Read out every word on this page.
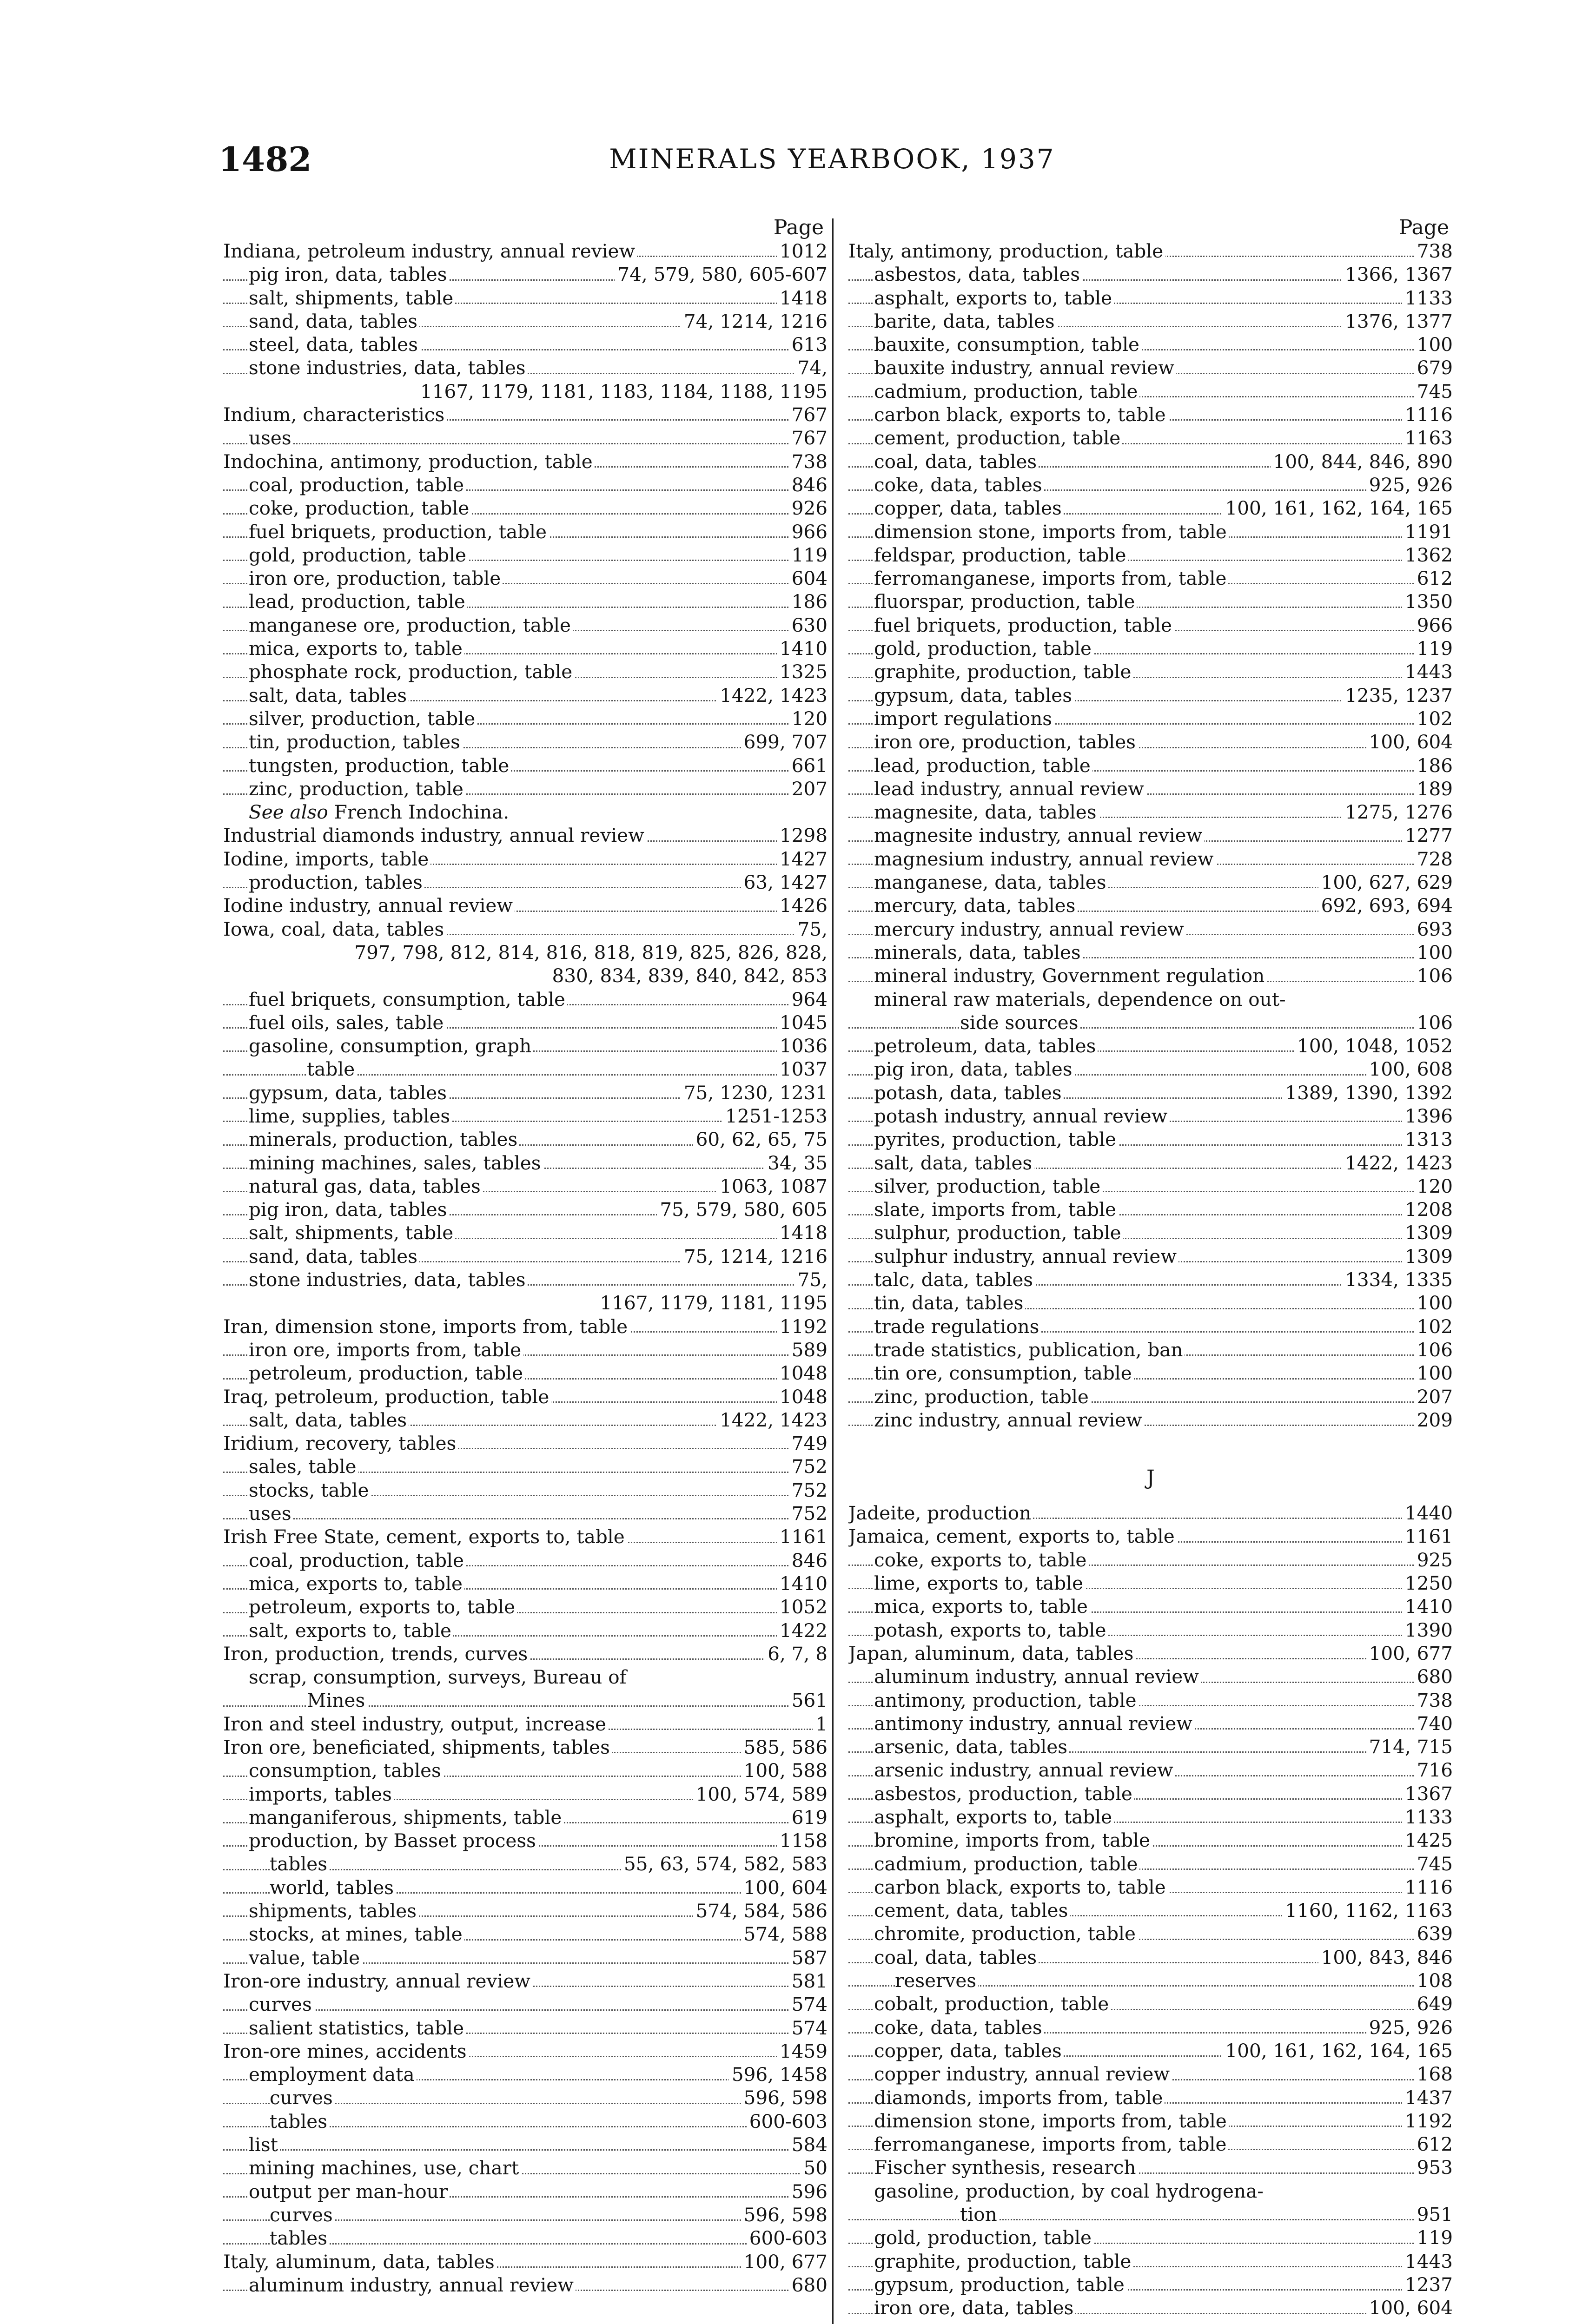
1482	MINERALS YEARBOOK, 1937
Page
Indiana, petroleum industry, annual review	1012
pig iron, data, tables	74, 579, 580, 605-607
salt, shipments, table	1418
sand, data, tables	74, 1214, 1216
steel, data, tables	613
stone industries, data, tables	74,
1167, 1179, 1181, 1183, 1184, 1188, 1195
Indium, characteristics	767
uses	767
Indochina, antimony, production, table	738
coal, production, table	846
coke, production, table	926
fuel briquets, production, table	966
gold, production, table	119
iron ore, production, table	604
lead, production, table	186
manganese ore, production, table	630
mica, exports to, table	1410
phosphate rock, production, table	1325
salt, data, tables	1422, 1423
silver, production, table	120
tin, production, tables	699, 707
tungsten, production, table	661
zinc, production, table	207
See also French Indochina.
Industrial diamonds industry, annual review	1298
Iodine, imports, table	1427
production, tables	63, 1427
Iodine industry, annual review	1426
Iowa, coal, data, tables	75,
797, 798, 812, 814, 816, 818, 819, 825, 826, 828,
830, 834, 839, 840, 842, 853
fuel briquets, consumption, table	964
fuel oils, sales, table	1045
gasoline, consumption, graph	1036
table	1037
gypsum, data, tables	75, 1230, 1231
lime, supplies, tables	1251-1253
minerals, production, tables	60, 62, 65, 75
mining machines, sales, tables	34, 35
natural gas, data, tables	1063, 1087
pig iron, data, tables	75, 579, 580, 605
salt, shipments, table	1418
sand, data, tables	75, 1214, 1216
stone industries, data, tables	75,
1167, 1179, 1181, 1195
Iran, dimension stone, imports from, table	1192
iron ore, imports from, table	589
petroleum, production, table	1048
Iraq, petroleum, production, table	1048
salt, data, tables	1422, 1423
Iridium, recovery, tables	749
sales, table	752
stocks, table	752
uses	752
Irish Free State, cement, exports to, table	1161
coal, production, table	846
mica, exports to, table	1410
petroleum, exports to, table	1052
salt, exports to, table	1422
Iron, production, trends, curves	6, 7, 8
scrap, consumption, surveys, Bureau of
Mines	561
Iron and steel industry, output, increase	1
Iron ore, beneficiated, shipments, tables	585, 586
consumption, tables	100, 588
imports, tables	100, 574, 589
manganiferous, shipments, table	619
production, by Basset process	1158
tables	55, 63, 574, 582, 583
world, tables	100, 604
shipments, tables	574, 584, 586
stocks, at mines, table	574, 588
value, table	587
Iron-ore industry, annual review	581
curves	574
salient statistics, table	574
Iron-ore mines, accidents	1459
employment data	596, 1458
curves	596, 598
tables	600-603
list	584
mining machines, use, chart	50
output per man-hour	596
curves	596, 598
tables	600-603
Italy, aluminum, data, tables	100, 677
aluminum industry, annual review	680
Page
Italy, antimony, production, table	738
asbestos, data, tables	1366, 1367
asphalt, exports to, table	1133
barite, data, tables	1376, 1377
bauxite, consumption, table	100
bauxite industry, annual review	679
cadmium, production, table	745
carbon black, exports to, table	1116
cement, production, table	1163
coal, data, tables	100, 844, 846, 890
coke, data, tables	925, 926
copper, data, tables	100, 161, 162, 164, 165
dimension stone, imports from, table	1191
feldspar, production, table	1362
ferromanganese, imports from, table	612
fluorspar, production, table	1350
fuel briquets, production, table	966
gold, production, table	119
graphite, production, table	1443
gypsum, data, tables	1235, 1237
import regulations	102
iron ore, production, tables	100, 604
lead, production, table	186
lead industry, annual review	189
magnesite, data, tables	1275, 1276
magnesite industry, annual review	1277
magnesium industry, annual review	728
manganese, data, tables	100, 627, 629
mercury, data, tables	692, 693, 694
mercury industry, annual review	693
minerals, data, tables	100
mineral industry, Government regulation	106
mineral raw materials, dependence on out-
side sources	106
petroleum, data, tables	100, 1048, 1052
pig iron, data, tables	100, 608
potash, data, tables	1389, 1390, 1392
potash industry, annual review	1396
pyrites, production, table	1313
salt, data, tables	1422, 1423
silver, production, table	120
slate, imports from, table	1208
sulphur, production, table	1309
sulphur industry, annual review	1309
talc, data, tables	1334, 1335
tin, data, tables	100
trade regulations	102
trade statistics, publication, ban	106
tin ore, consumption, table	100
zinc, production, table	207
zinc industry, annual review	209
J
Jadeite, production	1440
Jamaica, cement, exports to, table	1161
coke, exports to, table	925
lime, exports to, table	1250
mica, exports to, table	1410
potash, exports to, table	1390
Japan, aluminum, data, tables	100, 677
aluminum industry, annual review	680
antimony, production, table	738
antimony industry, annual review	740
arsenic, data, tables	714, 715
arsenic industry, annual review	716
asbestos, production, table	1367
asphalt, exports to, table	1133
bromine, imports from, table	1425
cadmium, production, table	745
carbon black, exports to, table	1116
cement, data, tables	1160, 1162, 1163
chromite, production, table	639
coal, data, tables	100, 843, 846
reserves	108
cobalt, production, table	649
coke, data, tables	925, 926
copper, data, tables	100, 161, 162, 164, 165
copper industry, annual review	168
diamonds, imports from, table	1437
dimension stone, imports from, table	1192
ferromanganese, imports from, table	612
Fischer synthesis, research	953
gasoline, production, by coal hydrogena-
tion	951
gold, production, table	119
graphite, production, table	1443
gypsum, production, table	1237
iron ore, data, tables	100, 604
